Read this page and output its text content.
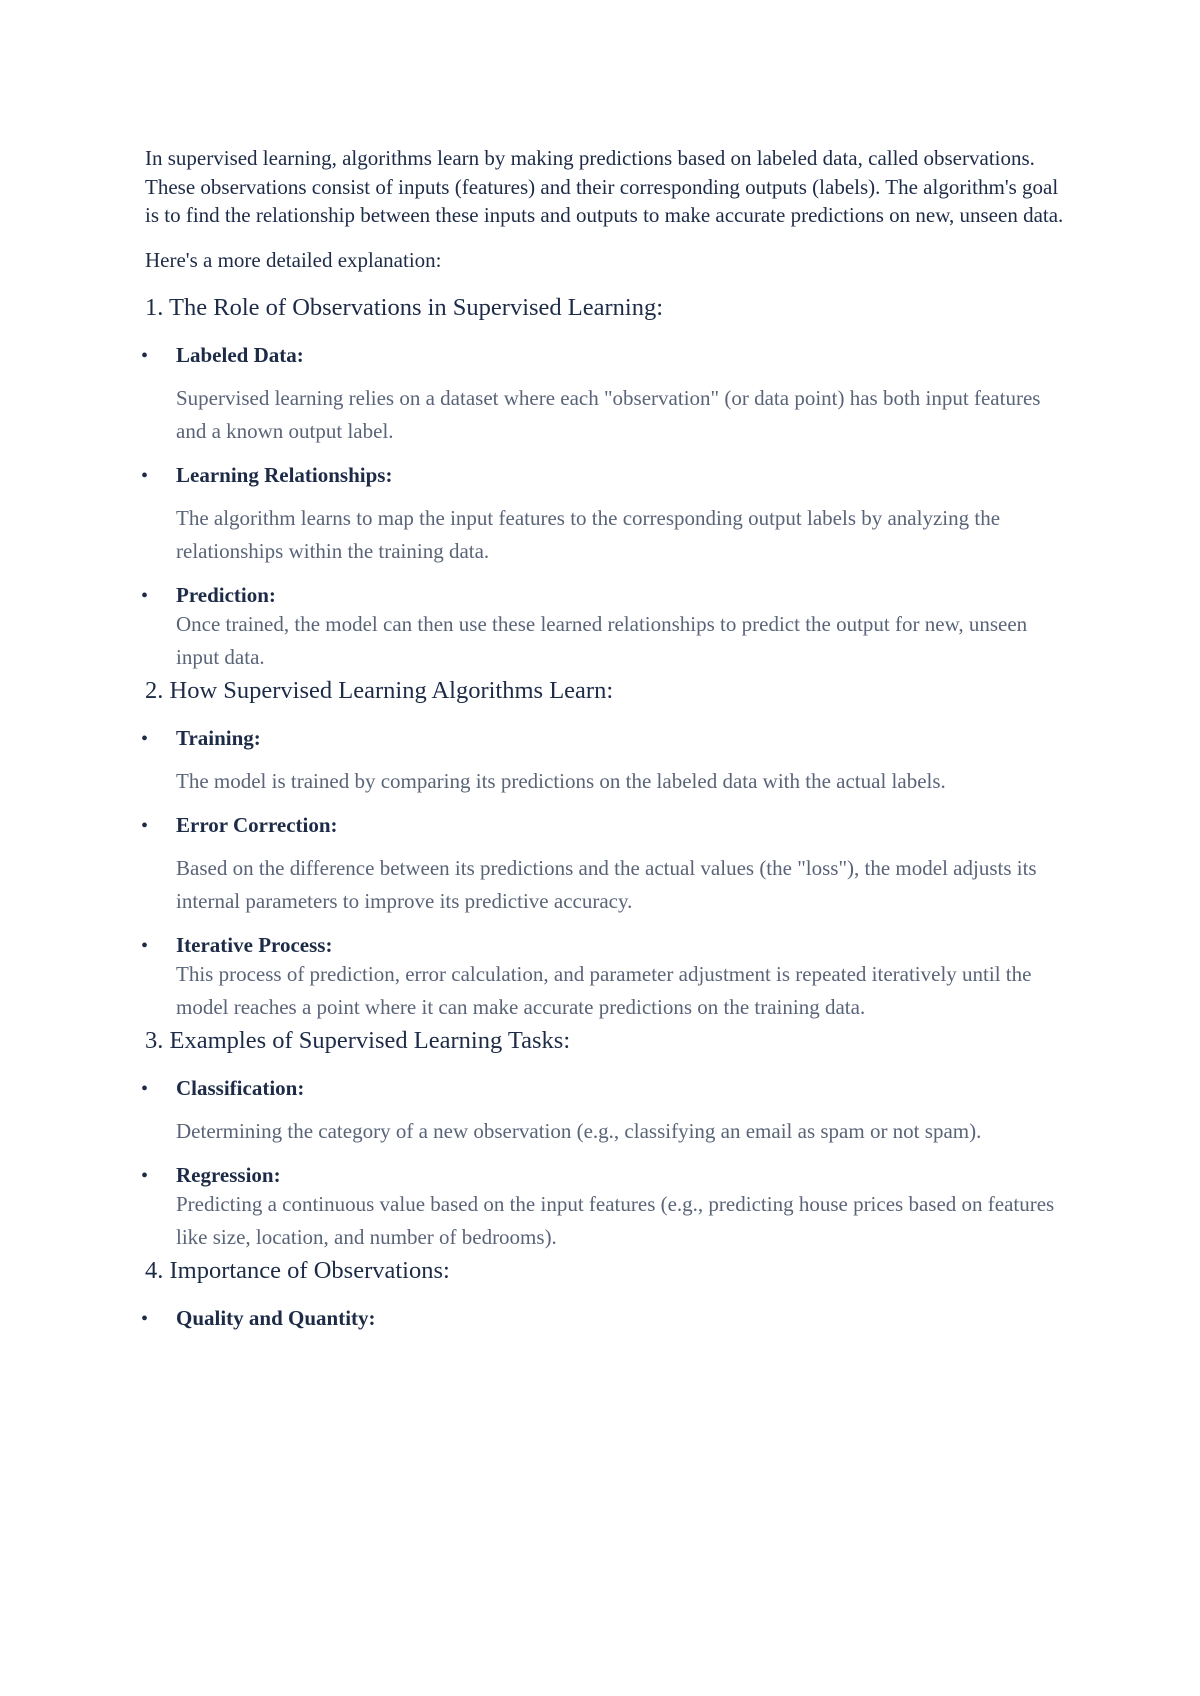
In supervised learning, algorithms learn by making predictions based on labeled data, called observations. These observations consist of inputs (features) and their corresponding outputs (labels). The algorithm's goal is to find the relationship between these inputs and outputs to make accurate predictions on new, unseen data.

Here's a more detailed explanation:

1. The Role of Observations in Supervised Learning:
• Labeled Data:

Supervised learning relies on a dataset where each "observation" (or data point) has both input features and a known output label.

• Learning Relationships:

The algorithm learns to map the input features to the corresponding output labels by analyzing the relationships within the training data.

• Prediction:

Once trained, the model can then use these learned relationships to predict the output for new, unseen input data.

2. How Supervised Learning Algorithms Learn:
• Training:

The model is trained by comparing its predictions on the labeled data with the actual labels.

• Error Correction:

Based on the difference between its predictions and the actual values (the "loss"), the model adjusts its internal parameters to improve its predictive accuracy.

• Iterative Process:

This process of prediction, error calculation, and parameter adjustment is repeated iteratively until the model reaches a point where it can make accurate predictions on the training data.

3. Examples of Supervised Learning Tasks:
• Classification:

Determining the category of a new observation (e.g., classifying an email as spam or not spam).

• Regression:

Predicting a continuous value based on the input features (e.g., predicting house prices based on features like size, location, and number of bedrooms).

4. Importance of Observations:
• Quality and Quantity:
